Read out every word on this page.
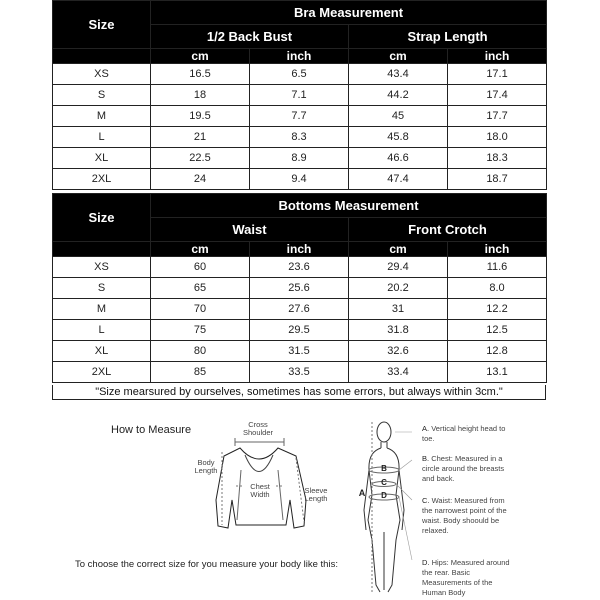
Size	Bra Measurement			
	1/2 Back Bust		Strap Length	
	cm	inch	cm	inch
XS	16.5	6.5	43.4	17.1
S	18	7.1	44.2	17.4
M	19.5	7.7	45	17.7
L	21	8.3	45.8	18.0
XL	22.5	8.9	46.6	18.3
2XL	24	9.4	47.4	18.7
Size	Bottoms Measurement			
	Waist		Front Crotch	
	cm	inch	cm	inch
XS	60	23.6	29.4	11.6
S	65	25.6	20.2	8.0
M	70	27.6	31	12.2
L	75	29.5	31.8	12.5
XL	80	31.5	32.6	12.8
2XL	85	33.5	33.4	13.1
"Size mearsured by ourselves, sometimes has some errors, but always within 3cm."
How to Measure	Cross
Shoulder
Body
Length
Chest
Width	Sleeve
Length
To choose the correct size for you measure your body like this:
A
B
C
D
A. Vertical height head to toe.
B. Chest: Measured in a circle around the breasts and back.
C. Waist: Measured from the narrowest point of the waist. Body shoould be relaxed.
D. Hips: Measured around the rear. Basic Measurements of the Human Body
